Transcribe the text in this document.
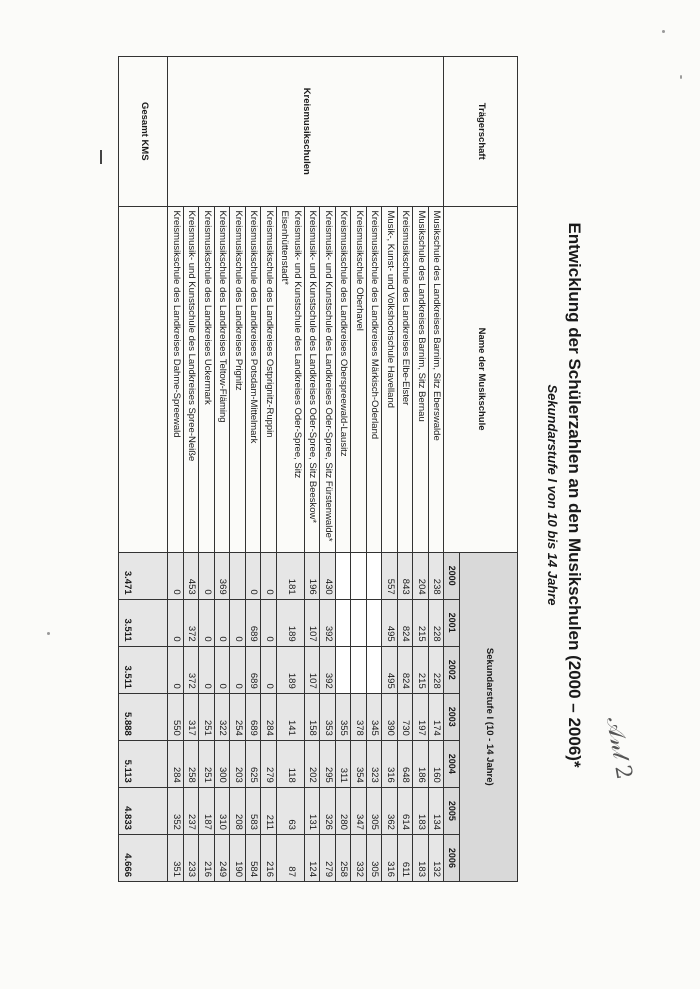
𝒜𝓃𝓁 2
Entwicklung der Schülerzahlen an den Musikschulen (2000 – 2006)*
Sekundarstufe I von 10 bis 14 Jahre
Trägerschaft	Name der Musikschule	Sekundarstufe I (10 - 14 Jahre)						
		2000	2001	2002	2003	2004	2005	2006
Kreismusikschulen	Musikschule des Landkreises Barnim, Sitz Eberswalde	238	228	228	174	160	134	132
	Musikschule des Landkreises Barnim, Sitz Bernau	204	215	215	197	186	183	183
	Kreismusikschule des Landkreises Elbe-Elster	843	824	824	730	648	614	611
	Musik-, Kunst- und Volkshochschule Havelland	557	495	495	390	316	362	316
	Kreismusikschule des Landkreises Märkisch-Oderland				345	323	305	305
	Kreismusikschule Oberhavel				378	354	347	332
	Kreismusikschule des Landkreises Oberspreewald-Lausitz				355	311	280	258
	Kreismusik- und Kunstschule des Landkreises Oder-Spree, Sitz Fürstenwalde*	430	392	392	353	295	326	279
	Kreismusik- und Kunstschule des Landkreises Oder-Spree, Sitz Beeskow*	196	107	107	158	202	131	124
	Kreismusik- und Kunstschule des Landkreises Oder-Spree, Sitz Eisenhüttenstadt*	181	189	189	141	118	63	87
	Kreismusikschule des Landkreises Ostprignitz-Ruppin	0	0	0	284	279	211	216
	Kreismusikschule des Landkreises Potsdam-Mittelmark	0	689	689	689	625	583	584
	Kreismusikschule des Landkreises Prignitz		0	0	254	203	208	190
	Kreismusikschule des Landkreises Teltow-Fläming	369	0	0	322	300	310	249
	Kreismusikschule des Landkreises Uckermark	0	0	0	251	251	187	216
	Kreismusik- und Kunstschule des Landkreises Spree-Neiße	453	372	372	317	258	237	233
	Kreismusikschule des Landkreises Dahme-Spreewald	0	0	0	550	284	352	351
Gesamt KMS		3.471	3.511	3.511	5.888	5.113	4.833	4.666
